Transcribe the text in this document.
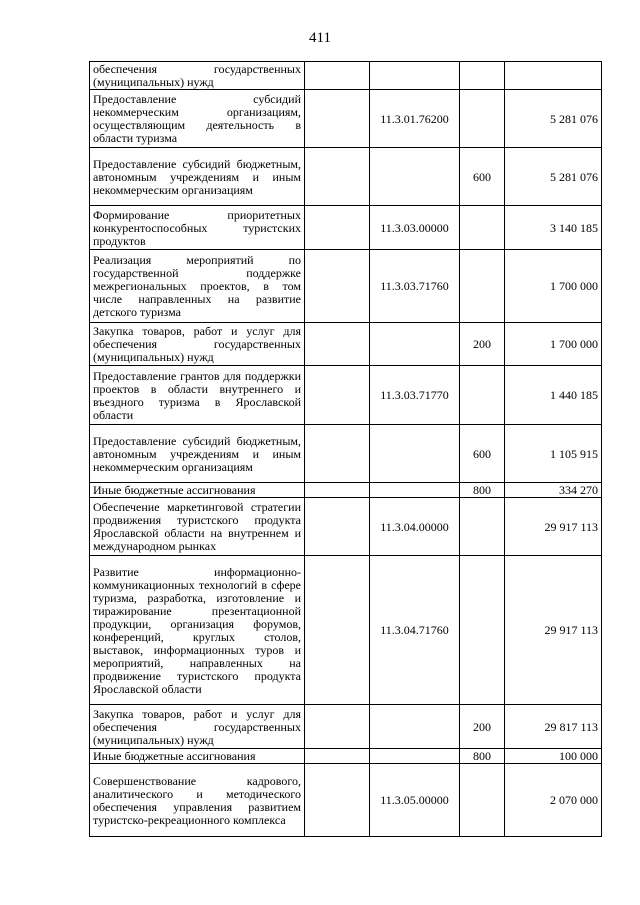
411
обеспечения государственных (муниципальных) нужд				
Предоставление субсидий некоммерческим организациям, осуществляющим деятельность в области туризма		11.3.01.76200		5 281 076
Предоставление субсидий бюджетным, автономным учреждениям и иным некоммерческим организациям			600	5 281 076
Формирование приоритетных конкурентоспособных туристских продуктов		11.3.03.00000		3 140 185
Реализация мероприятий по государственной поддержке межрегиональных проектов, в том числе направленных на развитие детского туризма		11.3.03.71760		1 700 000
Закупка товаров, работ и услуг для обеспечения государственных (муниципальных) нужд			200	1 700 000
Предоставление грантов для поддержки проектов в области внутреннего и въездного туризма в Ярославской области		11.3.03.71770		1 440 185
Предоставление субсидий бюджетным, автономным учреждениям и иным некоммерческим организациям			600	1 105 915
Иные бюджетные ассигнования			800	334 270
Обеспечение маркетинговой стратегии продвижения туристского продукта Ярославской области на внутреннем и международном рынках		11.3.04.00000		29 917 113
Развитие информационно-коммуникационных технологий в сфере туризма, разработка, изготовление и тиражирование презентационной продукции, организация форумов, конференций, круглых столов, выставок, информационных туров и мероприятий, направленных на продвижение туристского продукта Ярославской области		11.3.04.71760		29 917 113
Закупка товаров, работ и услуг для обеспечения государственных (муниципальных) нужд			200	29 817 113
Иные бюджетные ассигнования			800	100 000
Совершенствование кадрового, аналитического и методического обеспечения управления развитием туристско-рекреационного комплекса		11.3.05.00000		2 070 000
